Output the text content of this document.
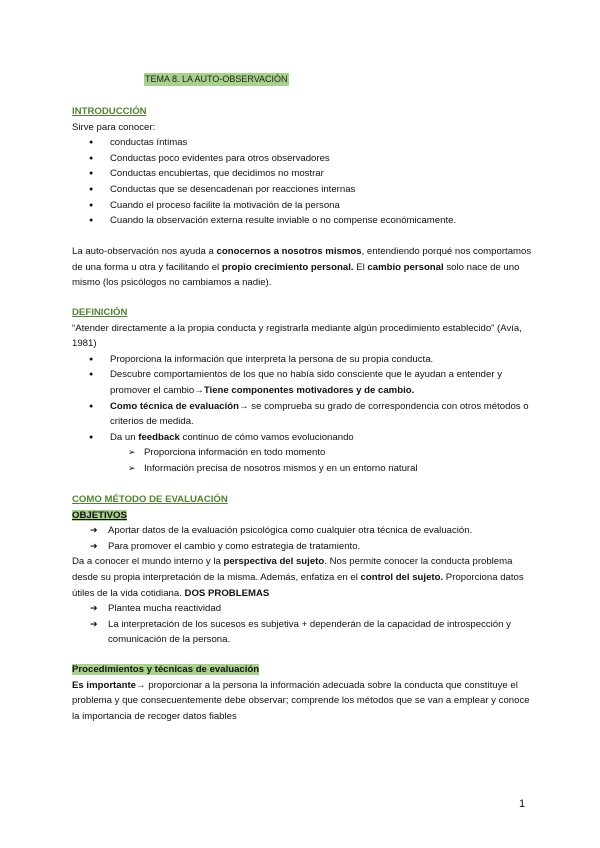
TEMA 8. LA AUTO-OBSERVACIÓN
INTRODUCCIÓN
Sirve para conocer:
● conductas íntimas
● Conductas poco evidentes para otros observadores
● Conductas encubiertas, que decidimos no mostrar
● Conductas que se desencadenan por reacciones internas
● Cuando el proceso facilite la motivación de la persona
● Cuando la observación externa resulte inviable o no compense económicamente.
La auto-observación nos ayuda a conocernos a nosotros mismos, entendiendo porqué nos comportamos de una forma u otra y facilitando el propio crecimiento personal. El cambio personal solo nace de uno mismo (los psicólogos no cambiamos a nadie).
DEFINICIÓN
“Atender directamente a la propia conducta y registrarla mediante algún procedimiento establecido” (Avía, 1981)
● Proporciona la información que interpreta la persona de su propia conducta.
● Descubre comportamientos de los que no había sido consciente que le ayudan a entender y promover el cambio→Tiene componentes motivadores y de cambio.
● Como técnica de evaluación→ se comprueba su grado de correspondencia con otros métodos o criterios de medida.
● Da un feedback continuo de cómo vamos evolucionando
➢ Proporciona información en todo momento
➢ Información precisa de nosotros mismos y en un entorno natural
COMO MÉTODO DE EVALUACIÓN
OBJETIVOS
➔ Aportar datos de la evaluación psicológica como cualquier otra técnica de evaluación.
➔ Para promover el cambio y como estrategia de tratamiento.
Da a conocer el mundo interno y la perspectiva del sujeto. Nos permite conocer la conducta problema desde su propia interpretación de la misma. Además, enfatiza en el control del sujeto. Proporciona datos útiles de la vida cotidiana. DOS PROBLEMAS
➔ Plantea mucha reactividad
➔ La interpretación de los sucesos es subjetiva + dependerán de la capacidad de introspección y comunicación de la persona.
Procedimientos y técnicas de evaluación
Es importante→ proporcionar a la persona la información adecuada sobre la conducta que constituye el problema y que consecuentemente debe observar; comprende los métodos que se van a emplear y conoce la importancia de recoger datos fiables
1
